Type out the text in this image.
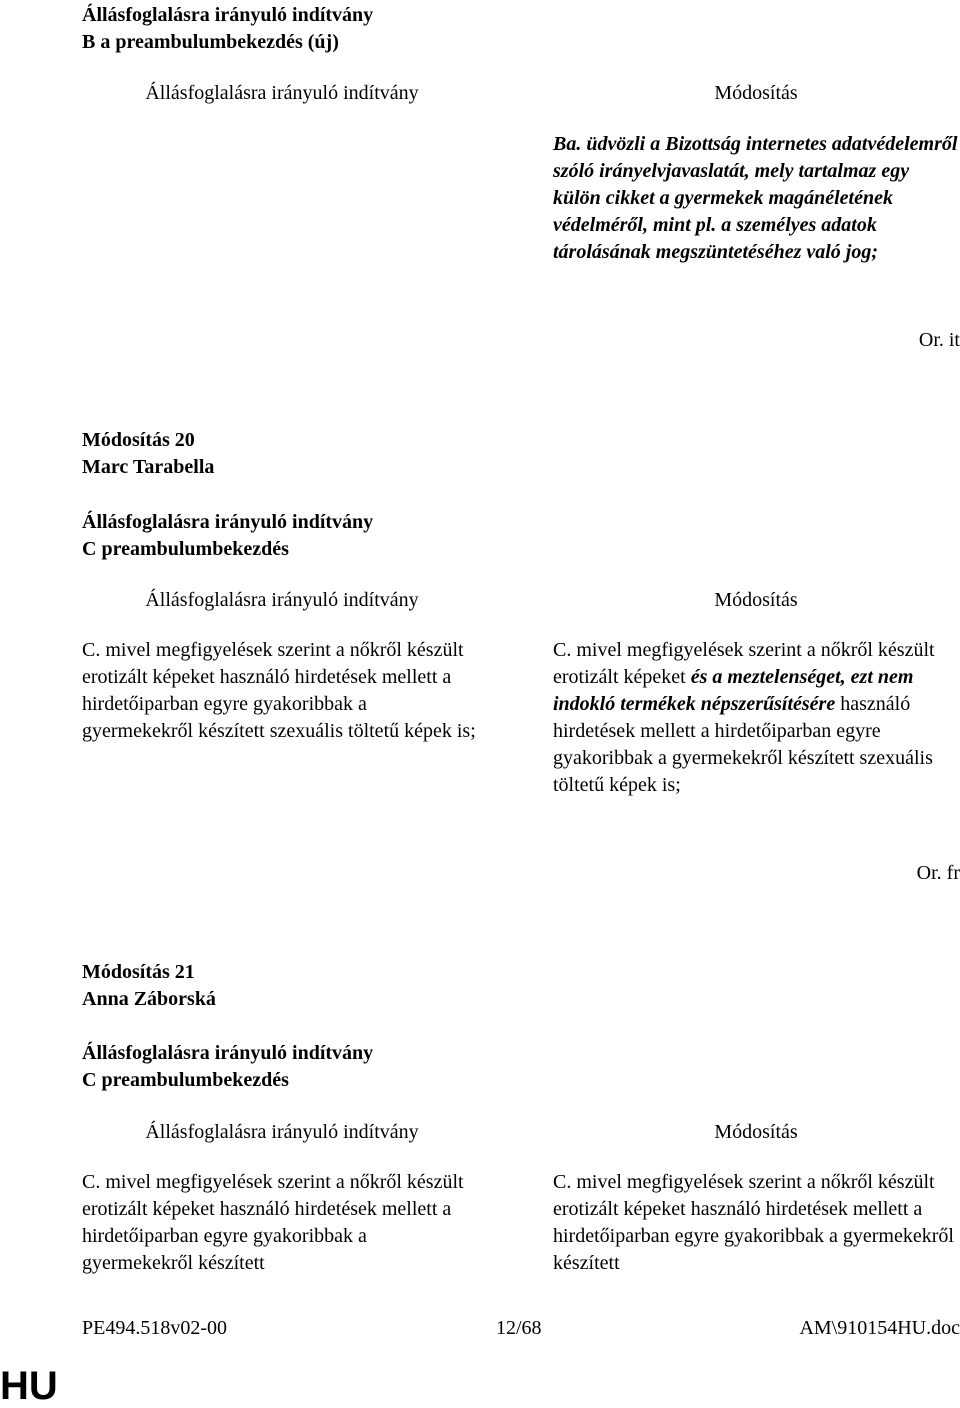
Állásfoglalásra irányuló indítvány
B a preambulumbekezdés (új)
Állásfoglalásra irányuló indítvány	Módosítás

Ba. üdvözli a Bizottság internetes adatvédelemről szóló irányelvjavaslatát, mely tartalmaz egy külön cikket a gyermekek magánéletének védelméről, mint pl. a személyes adatok tárolásának megszüntetéséhez való jog;

Or. it
Módosítás 20
Marc Tarabella
Állásfoglalásra irányuló indítvány
C preambulumbekezdés
Állásfoglalásra irányuló indítvány	Módosítás

C. mivel megfigyelések szerint a nőkről készült erotizált képeket használó hirdetések mellett a hirdetőiparban egyre gyakoribbak a gyermekekről készített szexuális töltetű képek is;

C. mivel megfigyelések szerint a nőkről készült erotizált képeket és a meztelenséget, ezt nem indokló termékek népszerűsítésére használó hirdetések mellett a hirdetőiparban egyre gyakoribbak a gyermekekről készített szexuális töltetű képek is;

Or. fr
Módosítás 21
Anna Záborská
Állásfoglalásra irányuló indítvány
C preambulumbekezdés
Állásfoglalásra irányuló indítvány	Módosítás

C. mivel megfigyelések szerint a nőkről készült erotizált képeket használó hirdetések mellett a hirdetőiparban egyre gyakoribbak a gyermekekről készített

C. mivel megfigyelések szerint a nőkről készült erotizált képeket használó hirdetések mellett a hirdetőiparban egyre gyakoribbak a gyermekekről készített

PE494.518v02-00	12/68	AM\910154HU.doc
HU
